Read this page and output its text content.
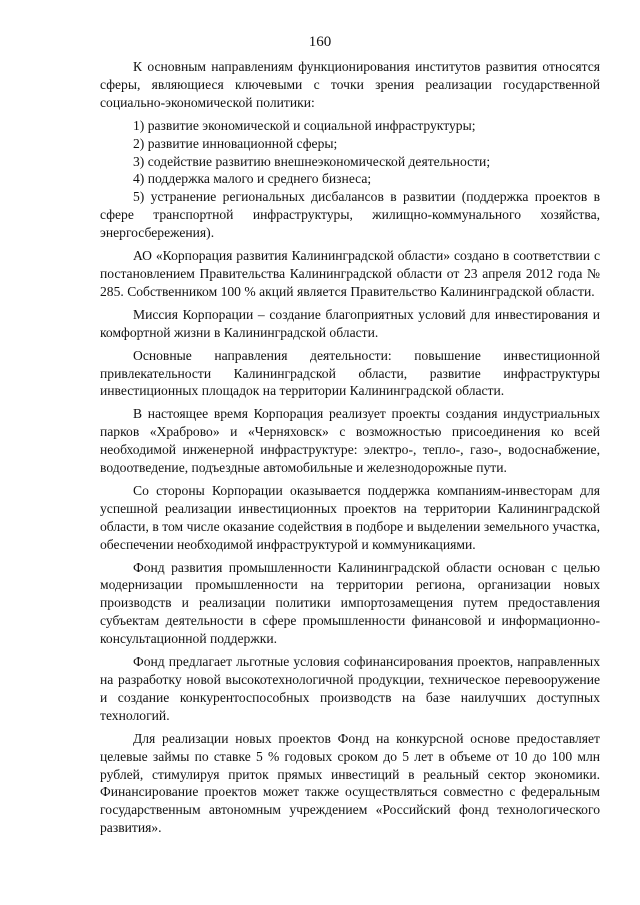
160

К основным направлениям функционирования институтов развития относятся сферы, являющиеся ключевыми с точки зрения реализации государственной социально-экономической политики:

1) развитие экономической и социальной инфраструктуры;

2) развитие инновационной сферы;

3) содействие развитию внешнеэкономической деятельности;

4) поддержка малого и среднего бизнеса;

5) устранение региональных дисбалансов в развитии (поддержка проектов в сфере транспортной инфраструктуры, жилищно-коммунального хозяйства, энергосбережения).

АО «Корпорация развития Калининградской области» создано в соответствии с постановлением Правительства Калининградской области от 23 апреля 2012 года № 285. Собственником 100 % акций является Правительство Калининградской области.

Миссия Корпорации – создание благоприятных условий для инвестирования и комфортной жизни в Калининградской области.

Основные направления деятельности: повышение инвестиционной привлекательности Калининградской области, развитие инфраструктуры инвестиционных площадок на территории Калининградской области.

В настоящее время Корпорация реализует проекты создания индустриальных парков «Храброво» и «Черняховск» с возможностью присоединения ко всей необходимой инженерной инфраструктуре: электро-, тепло-, газо-, водоснабжение, водоотведение, подъездные автомобильные и железнодорожные пути.

Со стороны Корпорации оказывается поддержка компаниям-инвесторам для успешной реализации инвестиционных проектов на территории Калининградской области, в том числе оказание содействия в подборе и выделении земельного участка, обеспечении необходимой инфраструктурой и коммуникациями.

Фонд развития промышленности Калининградской области основан с целью модернизации промышленности на территории региона, организации новых производств и реализации политики импортозамещения путем предоставления субъектам деятельности в сфере промышленности финансовой и информационно-консультационной поддержки.

Фонд предлагает льготные условия софинансирования проектов, направленных на разработку новой высокотехнологичной продукции, техническое перевооружение и создание конкурентоспособных производств на базе наилучших доступных технологий.

Для реализации новых проектов Фонд на конкурсной основе предоставляет целевые займы по ставке 5 % годовых сроком до 5 лет в объеме от 10 до 100 млн рублей, стимулируя приток прямых инвестиций в реальный сектор экономики. Финансирование проектов может также осуществляться совместно с федеральным государственным автономным учреждением «Российский фонд технологического развития».
